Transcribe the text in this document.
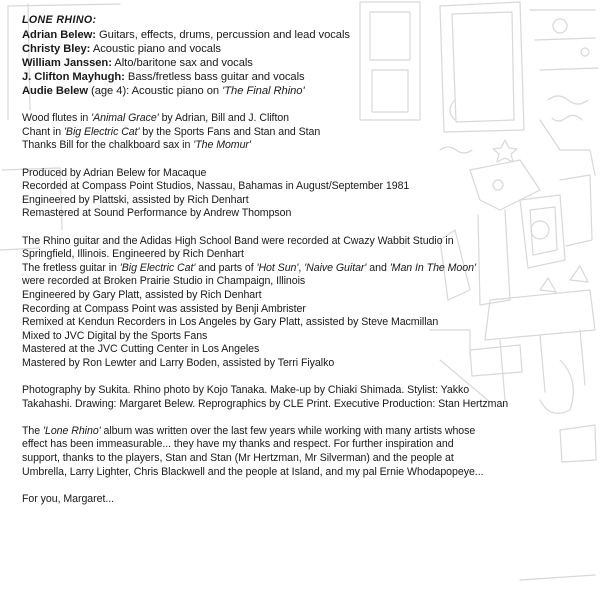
LONE RHINO:
Adrian Belew: Guitars, effects, drums, percussion and lead vocals
Christy Bley: Acoustic piano and vocals
William Janssen: Alto/baritone sax and vocals
J. Clifton Mayhugh: Bass/fretless bass guitar and vocals
Audie Belew (age 4): Acoustic piano on 'The Final Rhino'
Wood flutes in 'Animal Grace' by Adrian, Bill and J. Clifton
Chant in 'Big Electric Cat' by the Sports Fans and Stan and Stan
Thanks Bill for the chalkboard sax in 'The Momur'
Produced by Adrian Belew for Macaque
Recorded at Compass Point Studios, Nassau, Bahamas in August/September 1981
Engineered by Plattski, assisted by Rich Denhart
Remastered at Sound Performance by Andrew Thompson
The Rhino guitar and the Adidas High School Band were recorded at Cwazy Wabbit Studio in
Springfield, Illinois. Engineered by Rich Denhart
The fretless guitar in 'Big Electric Cat' and parts of 'Hot Sun', 'Naive Guitar' and 'Man In The Moon'
were recorded at Broken Prairie Studio in Champaign, Illinois
Engineered by Gary Platt, assisted by Rich Denhart
Recording at Compass Point was assisted by Benji Ambrister
Remixed at Kendun Recorders in Los Angeles by Gary Platt, assisted by Steve Macmillan
Mixed to JVC Digital by the Sports Fans
Mastered at the JVC Cutting Center in Los Angeles
Mastered by Ron Lewter and Larry Boden, assisted by Terri Fiyalko
Photography by Sukita. Rhino photo by Kojo Tanaka. Make-up by Chiaki Shimada. Stylist: Yakko
Takahashi. Drawing: Margaret Belew. Reprographics by CLE Print. Executive Production: Stan Hertzman
The 'Lone Rhino' album was written over the last few years while working with many artists whose
effect has been immeasurable... they have my thanks and respect. For further inspiration and
support, thanks to the players, Stan and Stan (Mr Hertzman, Mr Silverman) and the people at
Umbrella, Larry Lighter, Chris Blackwell and the people at Island, and my pal Ernie Whodapopeye...
For you, Margaret...
